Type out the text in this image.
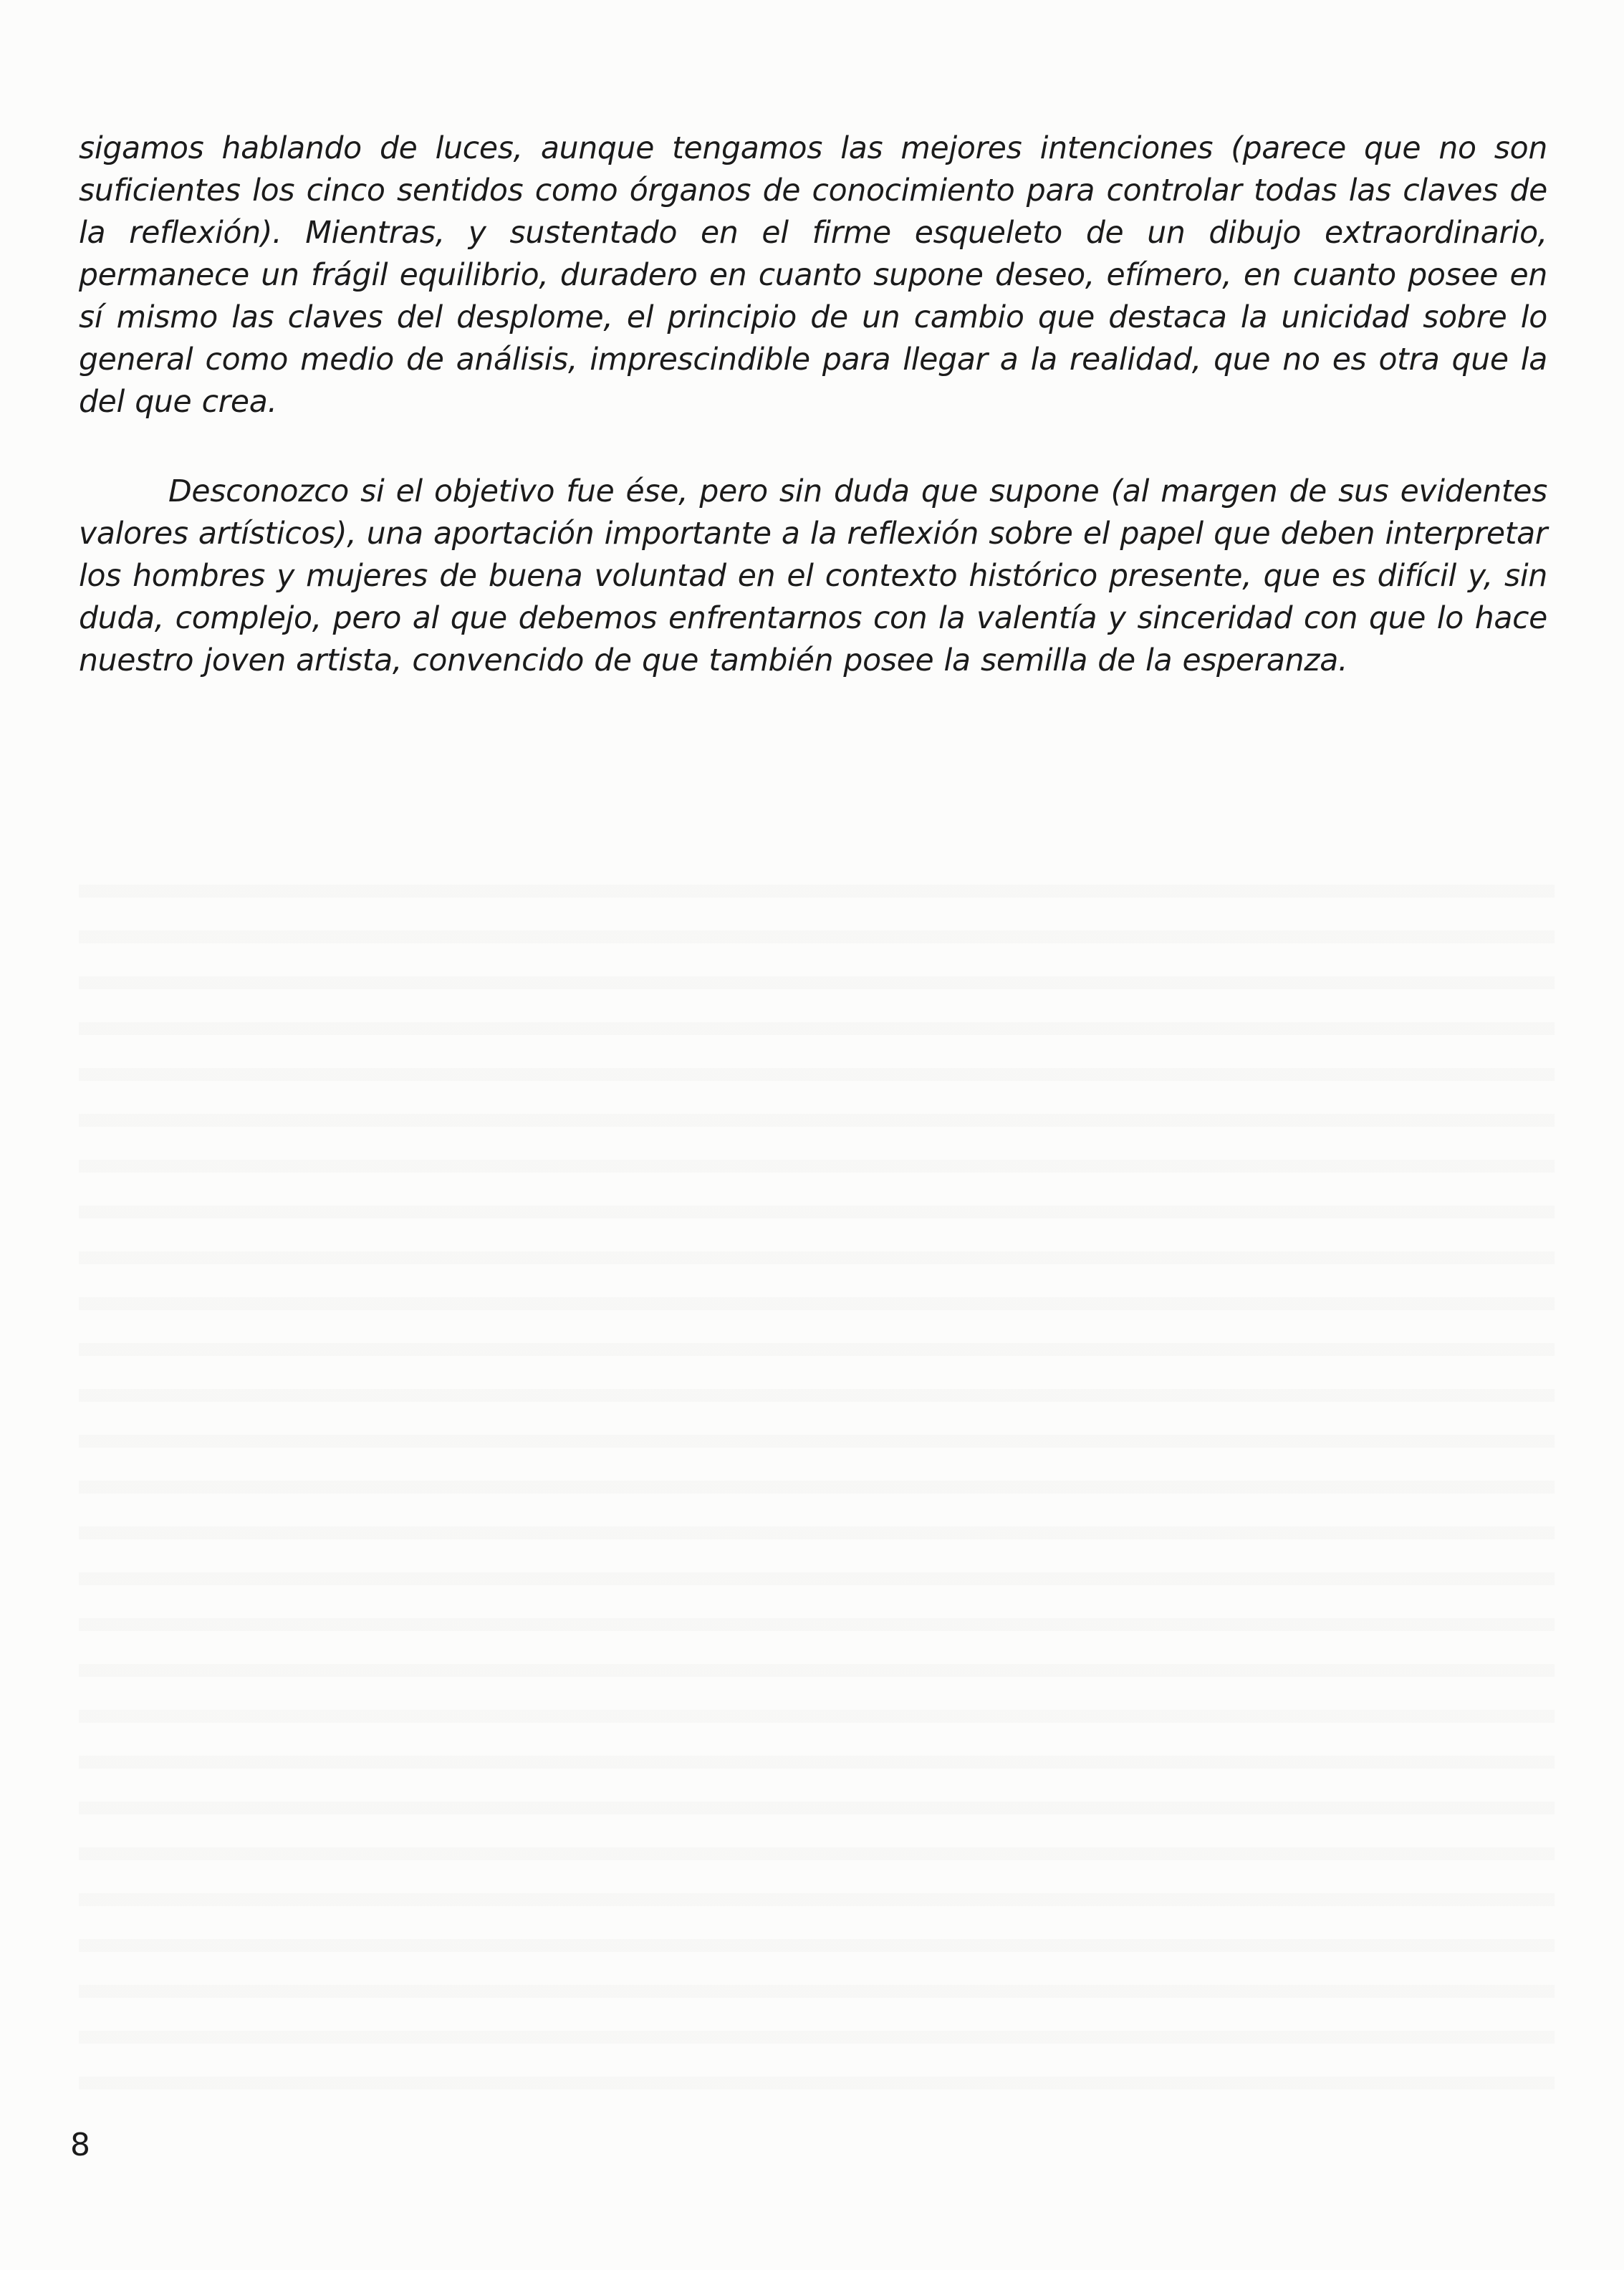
sigamos hablando de luces, aunque tengamos las mejores intenciones (parece que no son suficientes los cinco sentidos como órganos de conocimiento para controlar todas las claves de la reflexión). Mientras, y sustentado en el firme esqueleto de un dibujo extraordinario, permanece un frágil equilibrio, duradero en cuanto supone deseo, efímero, en cuanto posee en sí mismo las claves del desplome, el principio de un cambio que destaca la unicidad sobre lo general como medio de análisis, imprescindible para llegar a la realidad, que no es otra que la del que crea.

Desconozco si el objetivo fue ése, pero sin duda que supone (al margen de sus evidentes valores artísticos), una aportación importante a la reflexión sobre el papel que deben interpretar los hombres y mujeres de buena voluntad en el contexto histórico presente, que es difícil y, sin duda, complejo, pero al que debemos enfrentarnos con la valentía y sinceridad con que lo hace nuestro joven artista, convencido de que también posee la semilla de la esperanza.

8
